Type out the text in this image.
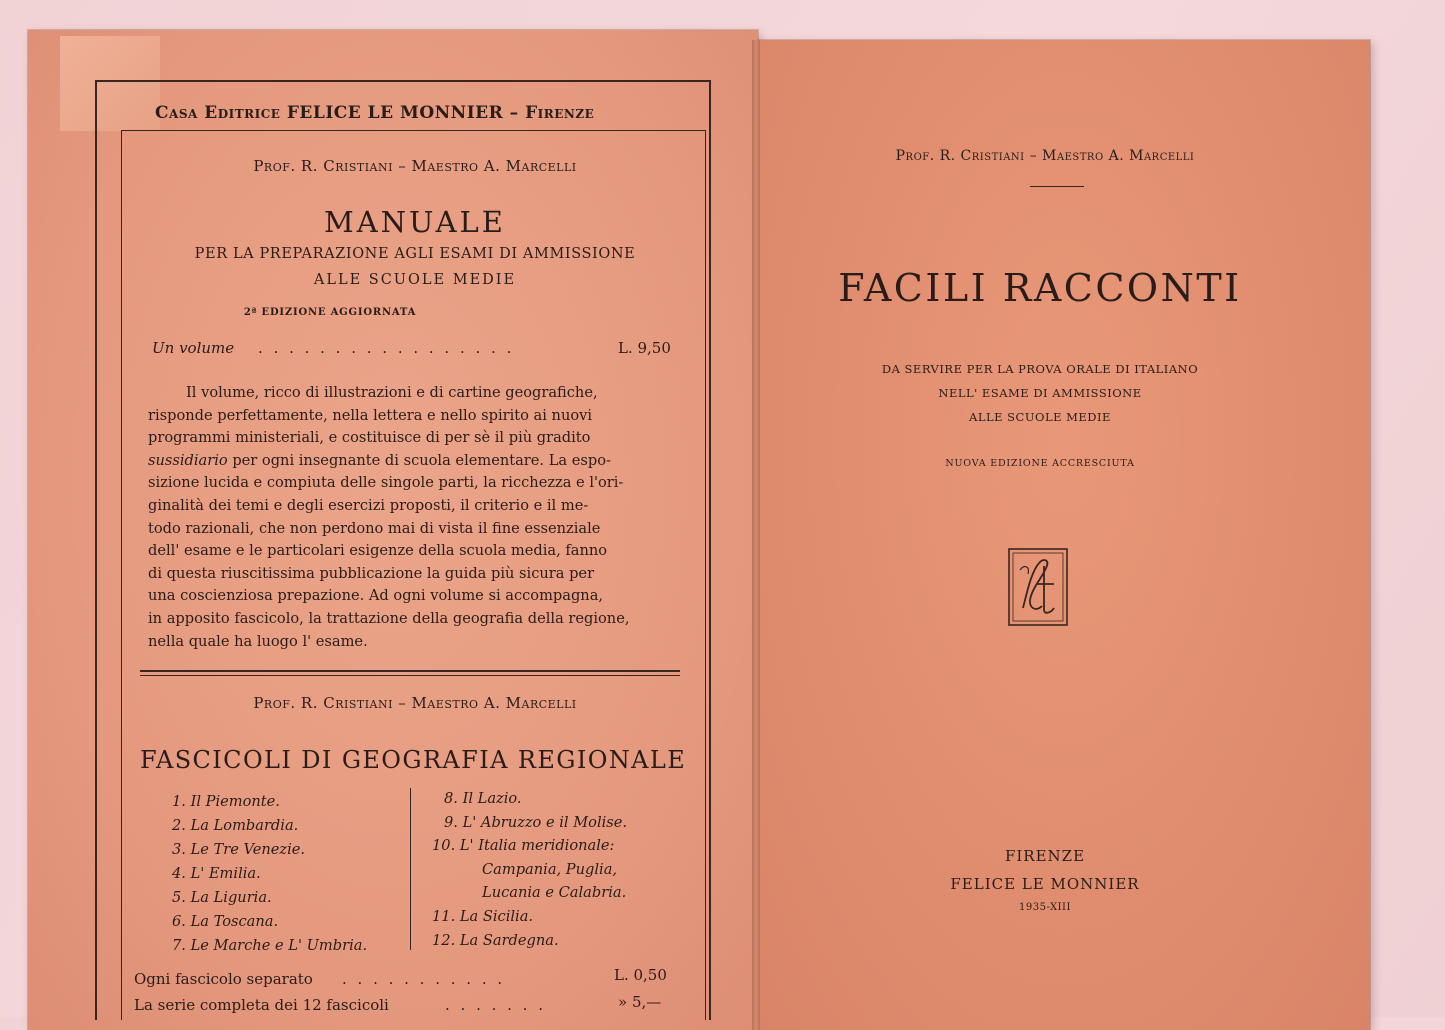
Casa Editrice FELICE LE MONNIER – Firenze
Prof. R. Cristiani – Maestro A. Marcelli
MANUALE
PER LA PREPARAZIONE AGLI ESAMI DI AMMISSIONE
ALLE SCUOLE MEDIE
2ª EDIZIONE AGGIORNATA
Un volume . . . . . . . . . . . . . . . . .	L. 9,50
Il volume, ricco di illustrazioni e di cartine geografiche,
risponde perfettamente, nella lettera e nello spirito ai nuovi
programmi ministeriali, e costituisce di per sè il più gradito
sussidiario per ogni insegnante di scuola elementare. La espo-
sizione lucida e compiuta delle singole parti, la ricchezza e l'ori-
ginalità dei temi e degli esercizi proposti, il criterio e il me-
todo razionali, che non perdono mai di vista il fine essenziale
dell' esame e le particolari esigenze della scuola media, fanno
di questa riuscitissima pubblicazione la guida più sicura per
una coscienziosa prepazione. Ad ogni volume si accompagna,
in apposito fascicolo, la trattazione della geografia della regione,
nella quale ha luogo l' esame.
Prof. R. Cristiani – Maestro A. Marcelli
FASCICOLI DI GEOGRAFIA REGIONALE
1. Il Piemonte.
2. La Lombardia.
3. Le Tre Venezie.
4. L' Emilia.
5. La Liguria.
6. La Toscana.
7. Le Marche e L' Umbria.
8. Il Lazio.
9. L' Abruzzo e il Molise.
10. L' Italia meridionale:
Campania, Puglia,
Lucania e Calabria.
11. La Sicilia.
12. La Sardegna.
Ogni fascicolo separato . . . . . . . . . . .	L. 0,50
La serie completa dei 12 fascicoli	. . . . . . .	» 5,—
Prof. R. Cristiani – Maestro A. Marcelli
FACILI RACCONTI
DA SERVIRE PER LA PROVA ORALE DI ITALIANO
NELL' ESAME DI AMMISSIONE
ALLE SCUOLE MEDIE
NUOVA EDIZIONE ACCRESCIUTA
FIRENZE
FELICE LE MONNIER
1935-XIII
